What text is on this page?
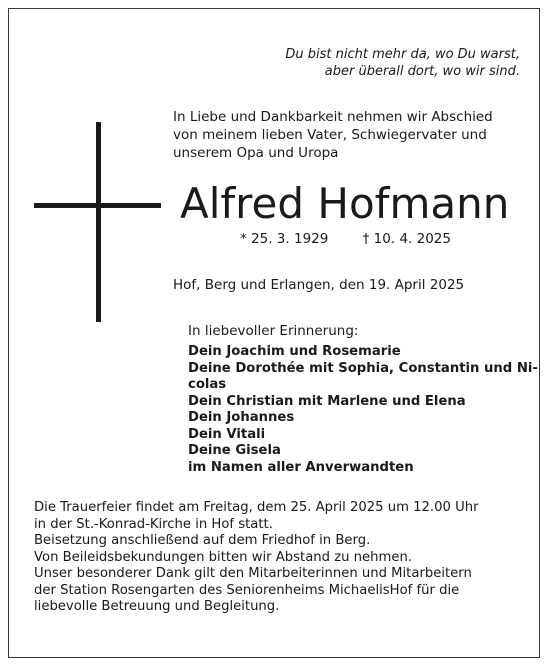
Du bist nicht mehr da, wo Du warst,
aber überall dort, wo wir sind.
In Liebe und Dankbarkeit nehmen wir Abschied
von meinem lieben Vater, Schwiegervater und
unserem Opa und Uropa
Alfred Hofmann
* 25. 3. 1929	† 10. 4. 2025
Hof, Berg und Erlangen, den 19. April 2025
In liebevoller Erinnerung:
Dein Joachim und Rosemarie
Deine Dorothée mit Sophia, Constantin und Ni-
colas
Dein Christian mit Marlene und Elena
Dein Johannes
Dein Vitali
Deine Gisela
im Namen aller Anverwandten
Die Trauerfeier findet am Freitag, dem 25. April 2025 um 12.00 Uhr
in der St.-Konrad-Kirche in Hof statt.
Beisetzung anschließend auf dem Friedhof in Berg.
Von Beileidsbekundungen bitten wir Abstand zu nehmen.
Unser besonderer Dank gilt den Mitarbeiterinnen und Mitarbeitern
der Station Rosengarten des Seniorenheims MichaelisHof für die
liebevolle Betreuung und Begleitung.
